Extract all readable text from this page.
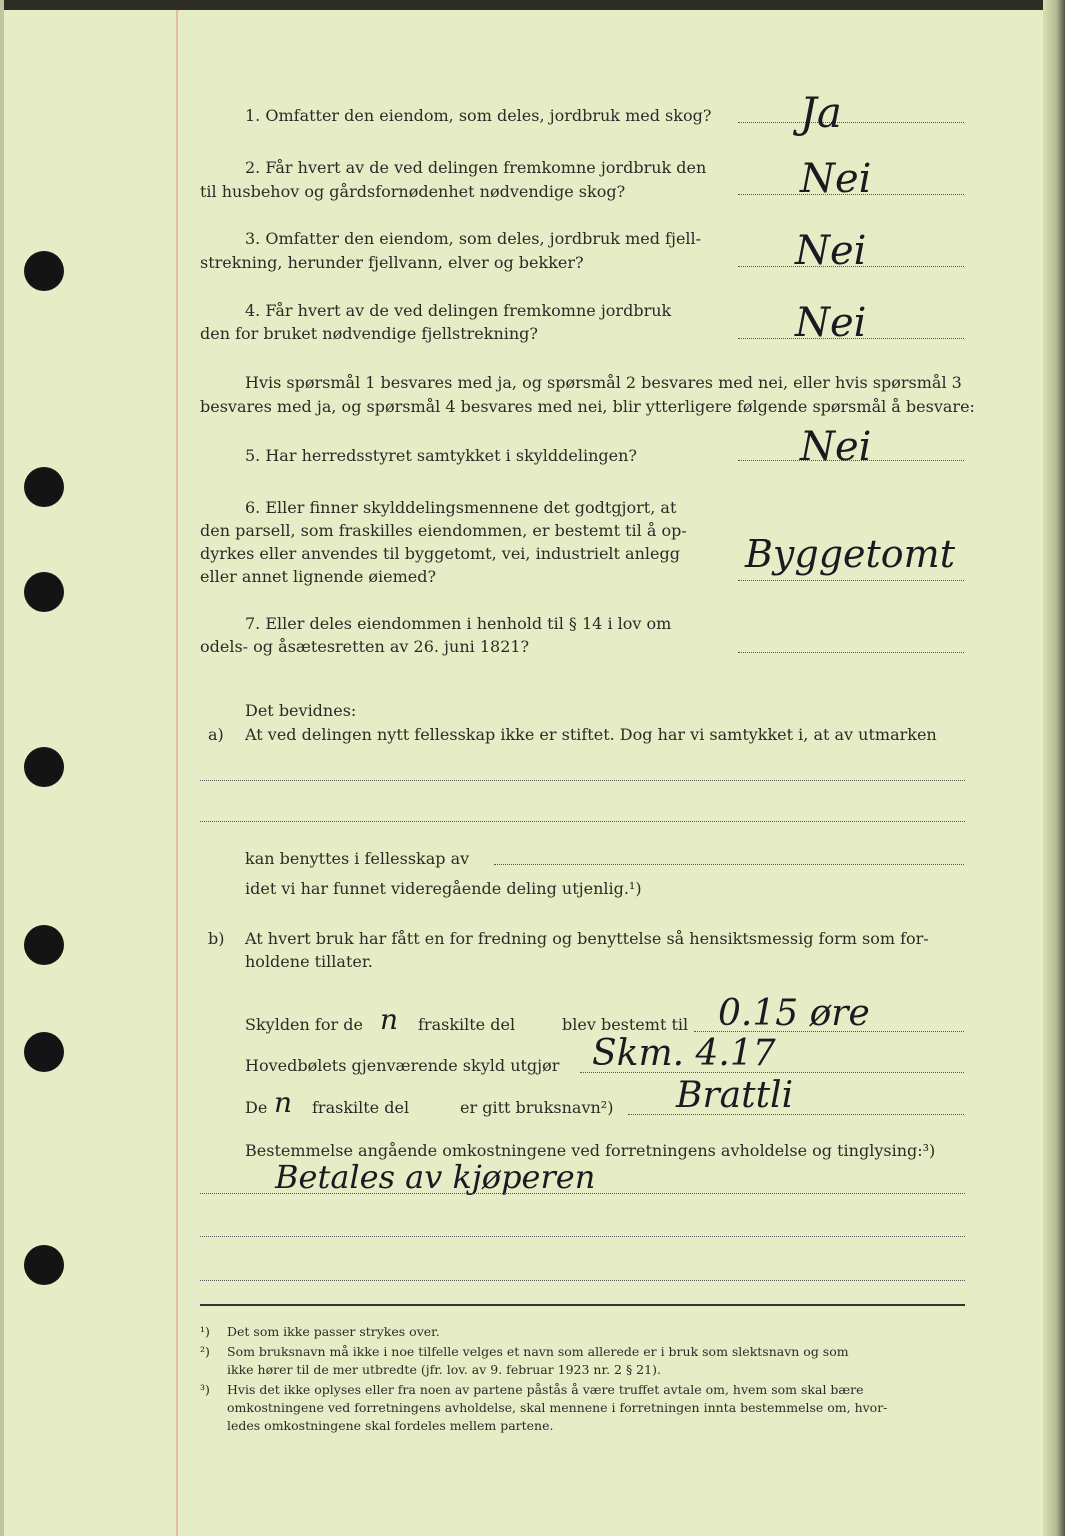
1. Omfatter den eiendom, som deles, jordbruk med skog? Ja
2. Får hvert av de ved delingen fremkomne jordbruk den
til husbehov og gårdsfornødenhet nødvendige skog?	Nei
3. Omfatter den eiendom, som deles, jordbruk med fjell-
strekning, herunder fjellvann, elver og bekker?	Nei
4. Får hvert av de ved delingen fremkomne jordbruk
den for bruket nødvendige fjellstrekning?	Nei
Hvis spørsmål 1 besvares med ja, og spørsmål 2 besvares med nei, eller hvis spørsmål 3
besvares med ja, og spørsmål 4 besvares med nei, blir ytterligere følgende spørsmål å besvare:
5. Har herredsstyret samtykket i skylddelingen?	Nei
6. Eller finner skylddelingsmennene det godtgjort, at
den parsell, som fraskilles eiendommen, er bestemt til å op-
dyrkes eller anvendes til byggetomt, vei, industrielt anlegg
eller annet lignende øiemed?
Byggetomt
7. Eller deles eiendommen i henhold til § 14 i lov om
odels- og åsætesretten av 26. juni 1821?
Det bevidnes:
a) At ved delingen nytt fellesskap ikke er stiftet. Dog har vi samtykket i, at av utmarken
kan benyttes i fellesskap av
idet vi har funnet videregående deling utjenlig.¹)
b) At hvert bruk har fått en for fredning og benyttelse så hensiktsmessig form som for-
holdene tillater.
Skylden for de n fraskilte del	blev bestemt til 0.15 øre
Hovedbølets gjenværende skyld utgjør Skm. 4.17
De n fraskilte del	er gitt bruksnavn²) Brattli
Bestemmelse angående omkostningene ved forretningens avholdelse og tinglysing:³)
Betales av kjøperen
¹) Det som ikke passer strykes over.
²) Som bruksnavn må ikke i noe tilfelle velges et navn som allerede er i bruk som slektsnavn og som
ikke hører til de mer utbredte (jfr. lov. av 9. februar 1923 nr. 2 § 21).
³) Hvis det ikke oplyses eller fra noen av partene påstås å være truffet avtale om, hvem som skal bære
omkostningene ved forretningens avholdelse, skal mennene i forretningen innta bestemmelse om, hvor-
ledes omkostningene skal fordeles mellem partene.
